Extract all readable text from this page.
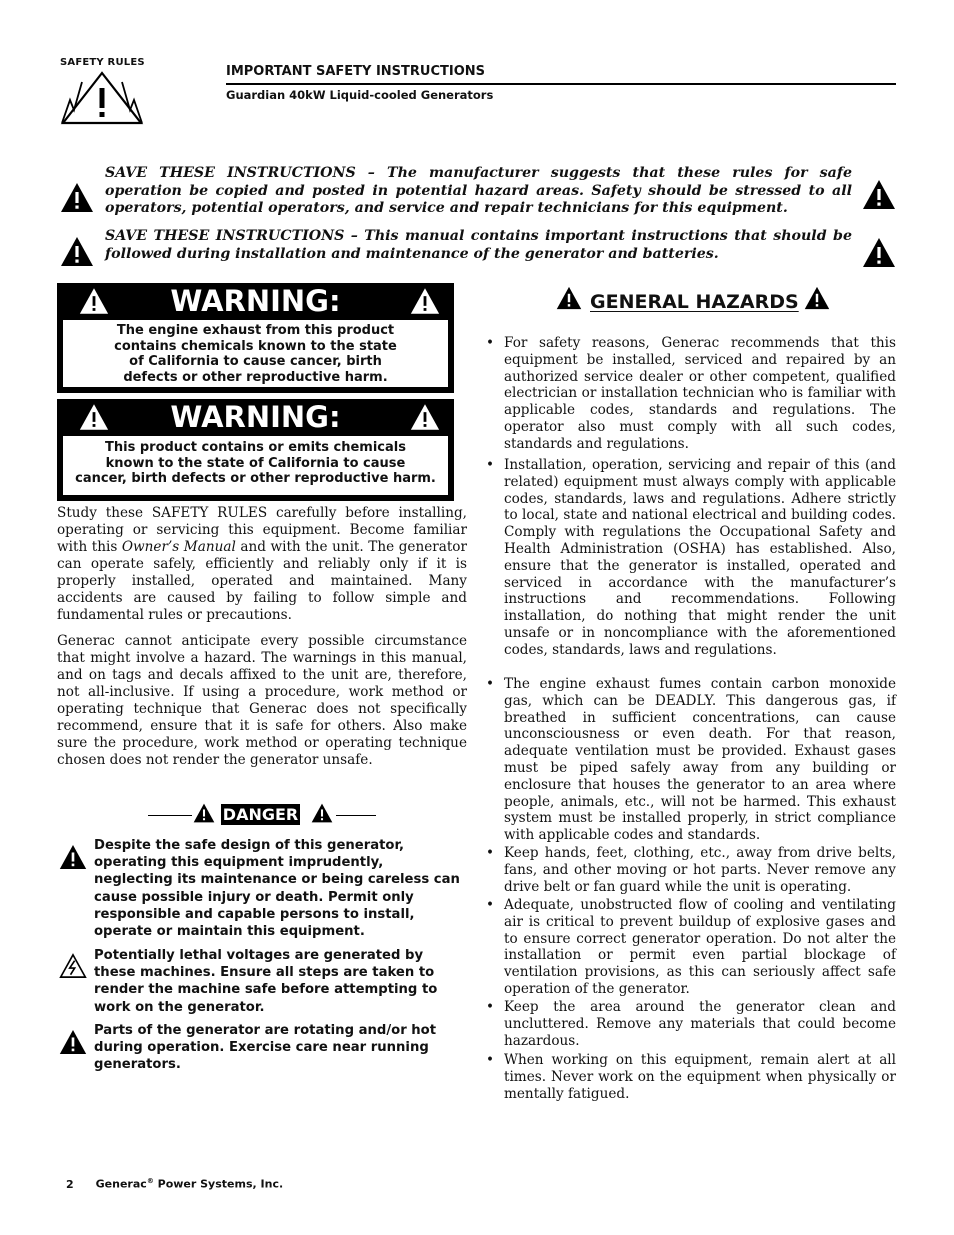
SAFETY RULES
IMPORTANT SAFETY INSTRUCTIONS
Guardian 40kW Liquid-cooled Generators
SAVE THESE INSTRUCTIONS – The manufacturer suggests that these rules for safe operation be copied and posted in potential hazard areas. Safety should be stressed to all operators, potential operators, and service and repair technicians for this equipment.
SAVE THESE INSTRUCTIONS – This manual contains important instructions that should be followed during installation and maintenance of the generator and batteries.
WARNING:
The engine exhaust from this product
contains chemicals known to the state
of California to cause cancer, birth
defects or other reproductive harm.
WARNING:
This product contains or emits chemicals
known to the state of California to cause
cancer, birth defects or other reproductive harm.
Study these SAFETY RULES carefully before installing, operating or servicing this equipment. Become familiar with this Owner’s Manual and with the unit. The generator can operate safely, efficiently and reliably only if it is properly installed, operated and maintained. Many accidents are caused by failing to follow simple and fundamental rules or precautions.
Generac cannot anticipate every possible circumstance that might involve a hazard. The warnings in this manual, and on tags and decals affixed to the unit are, therefore, not all-inclusive. If using a procedure, work method or operating technique that Generac does not specifically recommend, ensure that it is safe for others. Also make sure the procedure, work method or operating technique chosen does not render the generator unsafe.
DANGER
Despite the safe design of this generator, operating this equipment imprudently, neglecting its maintenance or being careless can cause possible injury or death. Permit only responsible and capable persons to install, operate or maintain this equipment.
Potentially lethal voltages are generated by these machines. Ensure all steps are taken to render the machine safe before attempting to work on the generator.
Parts of the generator are rotating and/or hot during operation. Exercise care near running generators.
GENERAL HAZARDS
• For safety reasons, Generac recommends that this equipment be installed, serviced and repaired by an authorized service dealer or other competent, qualified electrician or installation technician who is familiar with applicable codes, standards and regulations. The operator also must comply with all such codes, standards and regulations.
• Installation, operation, servicing and repair of this (and related) equipment must always comply with applicable codes, standards, laws and regulations. Adhere strictly to local, state and national electrical and building codes. Comply with regulations the Occupational Safety and Health Administration (OSHA) has established. Also, ensure that the generator is installed, operated and serviced in accordance with the manufacturer’s instructions and recommendations. Following installation, do nothing that might render the unit unsafe or in noncompliance with the aforementioned codes, standards, laws and regulations.
• The engine exhaust fumes contain carbon monoxide gas, which can be DEADLY. This dangerous gas, if breathed in sufficient concentrations, can cause unconsciousness or even death. For that reason, adequate ventilation must be provided. Exhaust gases must be piped safely away from any building or enclosure that houses the generator to an area where people, animals, etc., will not be harmed. This exhaust system must be installed properly, in strict compliance with applicable codes and standards.
• Keep hands, feet, clothing, etc., away from drive belts, fans, and other moving or hot parts. Never remove any drive belt or fan guard while the unit is operating.
• Adequate, unobstructed flow of cooling and ventilating air is critical to prevent buildup of explosive gases and to ensure correct generator operation. Do not alter the installation or permit even partial blockage of ventilation provisions, as this can seriously affect safe operation of the generator.
• Keep the area around the generator clean and uncluttered. Remove any materials that could become hazardous.
• When working on this equipment, remain alert at all times. Never work on the equipment when physically or mentally fatigued.
2 Generac® Power Systems, Inc.
